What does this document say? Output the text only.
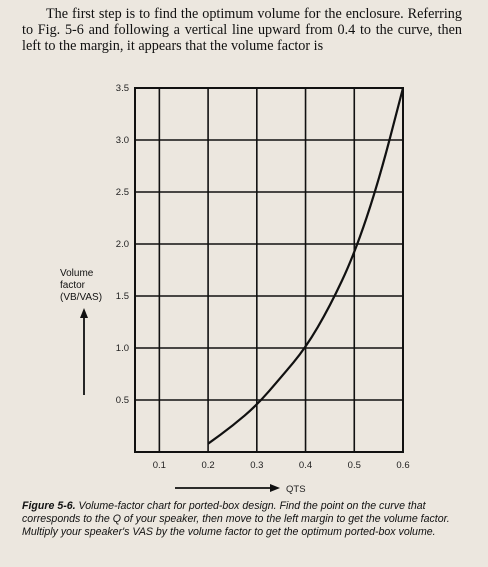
The first step is to find the optimum volume for the enclosure. Referring to Fig. 5-6 and following a vertical line upward from 0.4 to the curve, then left to the margin, it appears that the volume factor is
0.1	0.2	0.3	0.4	0.5	0.6
0.5
1.0
1.5
2.0
2.5
3.0
3.5
QTS
Volume
factor
(VB/VAS)
Figure 5-6. Volume-factor chart for ported-box design. Find the point on the curve that corresponds to the Q of your speaker, then move to the left margin to get the volume factor. Multiply your speaker's VAS by the volume factor to get the optimum ported-box volume.
